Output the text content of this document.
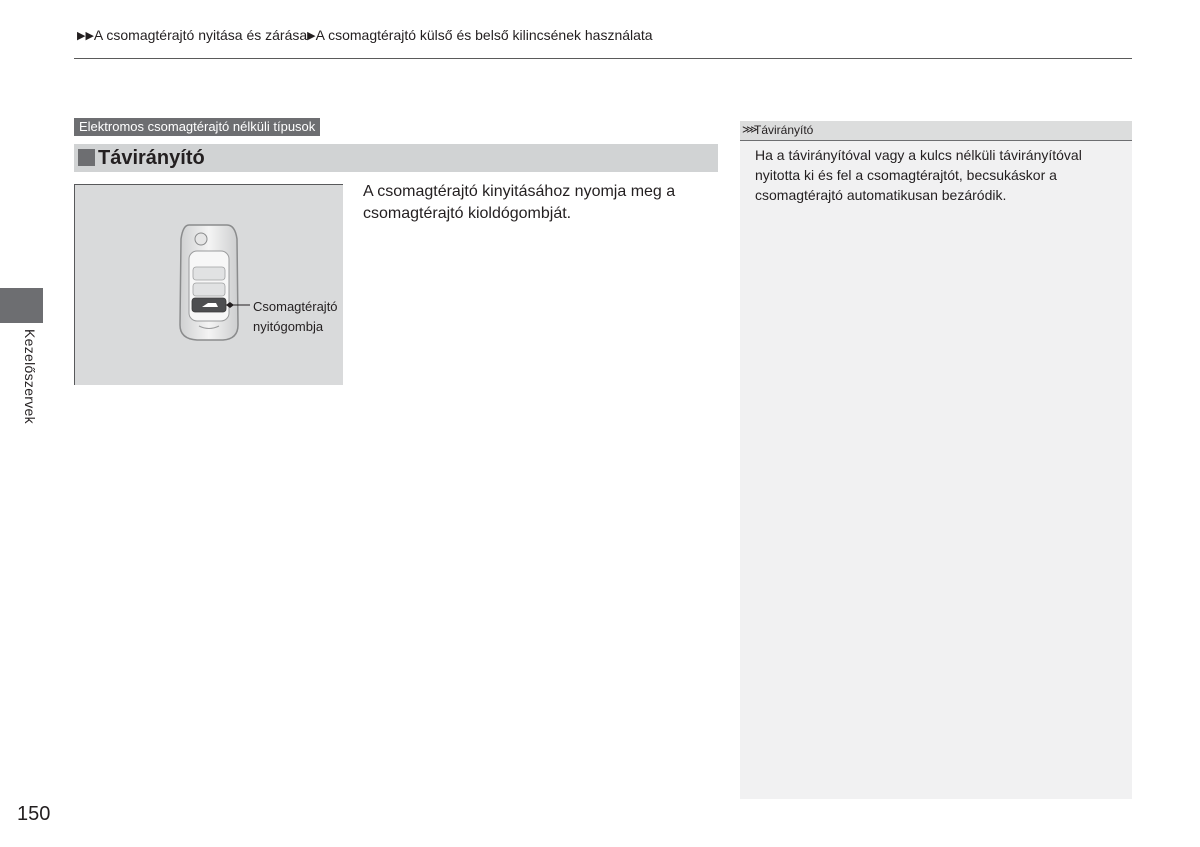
▶▶A csomagtérajtó nyitása és zárása▶A csomagtérajtó külső és belső kilincsének használata
Elektromos csomagtérajtó nélküli típusok
Távirányító
Csomagtérajtó
nyitógombja
A csomagtérajtó kinyitásához nyomja meg a csomagtérajtó kioldógombját.
⋙
Távirányító
Ha a távirányítóval vagy a kulcs nélküli távirányítóval nyitotta ki és fel a csomagtérajtót, becsukáskor a csomagtérajtó automatikusan bezáródik.
Kezelőszervek
150
